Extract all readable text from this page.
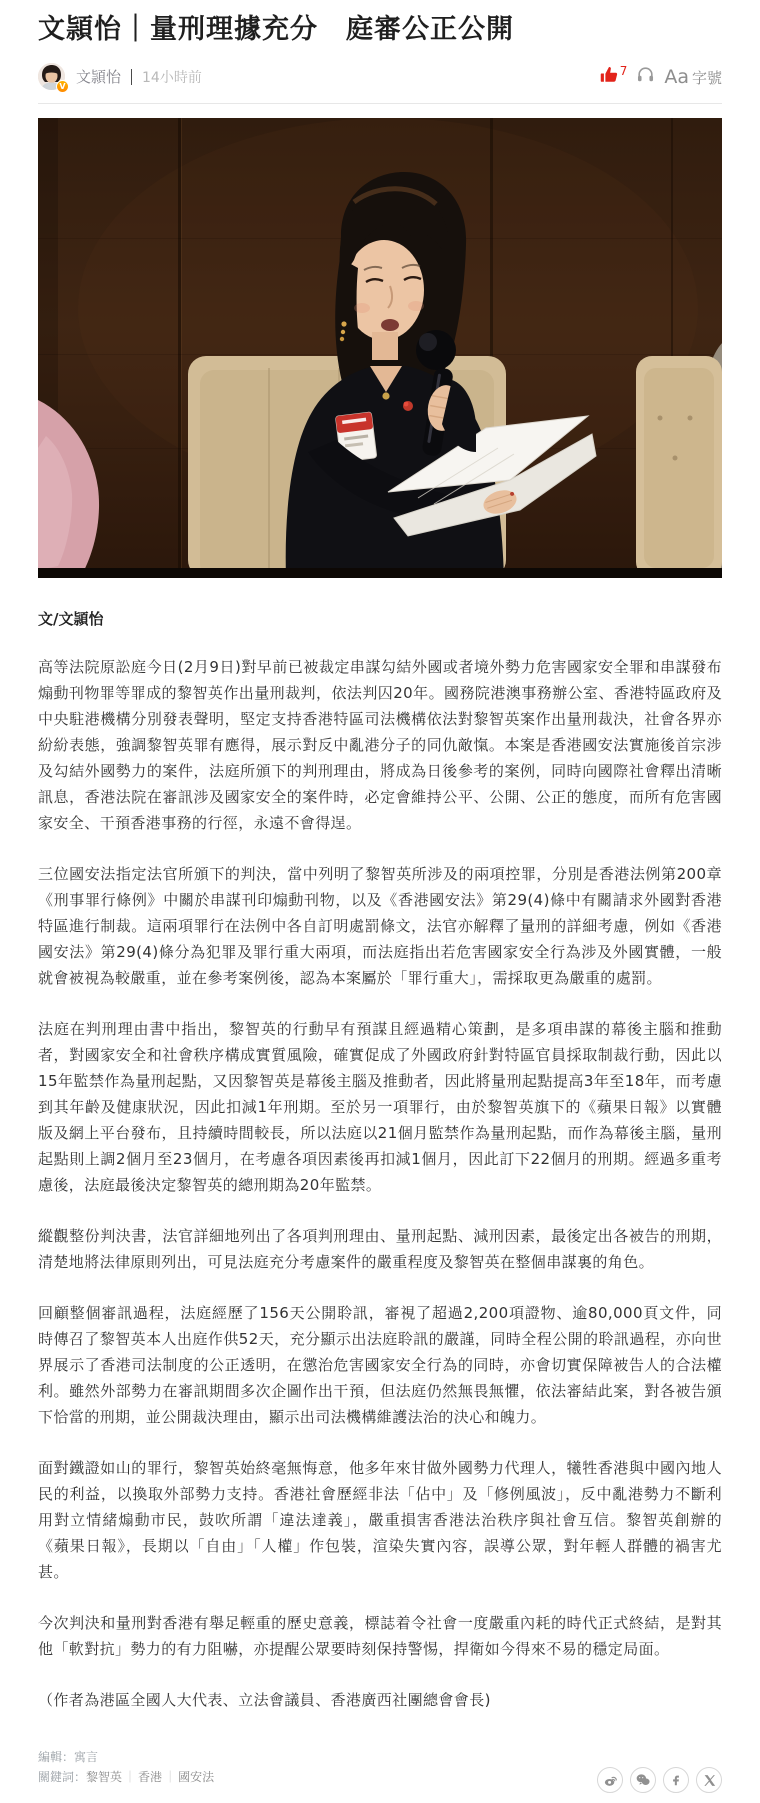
文頴怡｜量刑理據充分　庭審公正公開
V
文頴怡 14小時前	7 Aa 字號

文/文頴怡

高等法院原訟庭今日(2月9日)對早前已被裁定串謀勾結外國或者境外勢力危害國家安全罪和串謀發布煽動刊物罪等罪成的黎智英作出量刑裁判，依法判囚20年。國務院港澳事務辦公室、香港特區政府及中央駐港機構分別發表聲明，堅定支持香港特區司法機構依法對黎智英案作出量刑裁決，社會各界亦紛紛表態，強調黎智英罪有應得，展示對反中亂港分子的同仇敵愾。本案是香港國安法實施後首宗涉及勾結外國勢力的案件，法庭所頒下的判刑理由，將成為日後參考的案例，同時向國際社會釋出清晰訊息，香港法院在審訊涉及國家安全的案件時，必定會維持公平、公開、公正的態度，而所有危害國家安全、干預香港事務的行徑，永遠不會得逞。

三位國安法指定法官所頒下的判決，當中列明了黎智英所涉及的兩項控罪，分別是香港法例第200章《刑事罪行條例》中關於串謀刊印煽動刊物，以及《香港國安法》第29(4)條中有關請求外國對香港特區進行制裁。這兩項罪行在法例中各自訂明處罰條文，法官亦解釋了量刑的詳細考慮，例如《香港國安法》第29(4)條分為犯罪及罪行重大兩項，而法庭指出若危害國家安全行為涉及外國實體，一般就會被視為較嚴重，並在參考案例後，認為本案屬於「罪行重大」，需採取更為嚴重的處罰。

法庭在判刑理由書中指出，黎智英的行動早有預謀且經過精心策劃，是多項串謀的幕後主腦和推動者，對國家安全和社會秩序構成實質風險，確實促成了外國政府針對特區官員採取制裁行動，因此以15年監禁作為量刑起點，又因黎智英是幕後主腦及推動者，因此將量刑起點提高3年至18年，而考慮到其年齡及健康狀況，因此扣減1年刑期。至於另一項罪行，由於黎智英旗下的《蘋果日報》以實體版及網上平台發布，且持續時間較長，所以法庭以21個月監禁作為量刑起點，而作為幕後主腦，量刑起點則上調2個月至23個月，在考慮各項因素後再扣減1個月，因此訂下22個月的刑期。經過多重考慮後，法庭最後決定黎智英的總刑期為20年監禁。

縱觀整份判決書，法官詳細地列出了各項判刑理由、量刑起點、減刑因素，最後定出各被告的刑期，清楚地將法律原則列出，可見法庭充分考慮案件的嚴重程度及黎智英在整個串謀裏的角色。

回顧整個審訊過程，法庭經歷了156天公開聆訊，審視了超過2,200項證物、逾80,000頁文件，同時傳召了黎智英本人出庭作供52天，充分顯示出法庭聆訊的嚴謹，同時全程公開的聆訊過程，亦向世界展示了香港司法制度的公正透明，在懲治危害國家安全行為的同時，亦會切實保障被告人的合法權利。雖然外部勢力在審訊期間多次企圖作出干預，但法庭仍然無畏無懼，依法審結此案，對各被告頒下恰當的刑期，並公開裁決理由，顯示出司法機構維護法治的決心和魄力。

面對鐵證如山的罪行，黎智英始終毫無悔意，他多年來甘做外國勢力代理人，犧牲香港與中國內地人民的利益，以換取外部勢力支持。香港社會歷經非法「佔中」及「修例風波」，反中亂港勢力不斷利用對立情緒煽動市民，鼓吹所謂「違法達義」，嚴重損害香港法治秩序與社會互信。黎智英創辦的《蘋果日報》，長期以「自由」「人權」作包裝，渲染失實內容，誤導公眾，對年輕人群體的禍害尤甚。

今次判決和量刑對香港有舉足輕重的歷史意義，標誌着令社會一度嚴重內耗的時代正式終結，是對其他「軟對抗」勢力的有力阻嚇，亦提醒公眾要時刻保持警惕，捍衛如今得來不易的穩定局面。

（作者為港區全國人大代表、立法會議員、香港廣西社團總會會長)

編輯：寓言
關鍵詞：黎智英 ｜ 香港 ｜ 國安法
